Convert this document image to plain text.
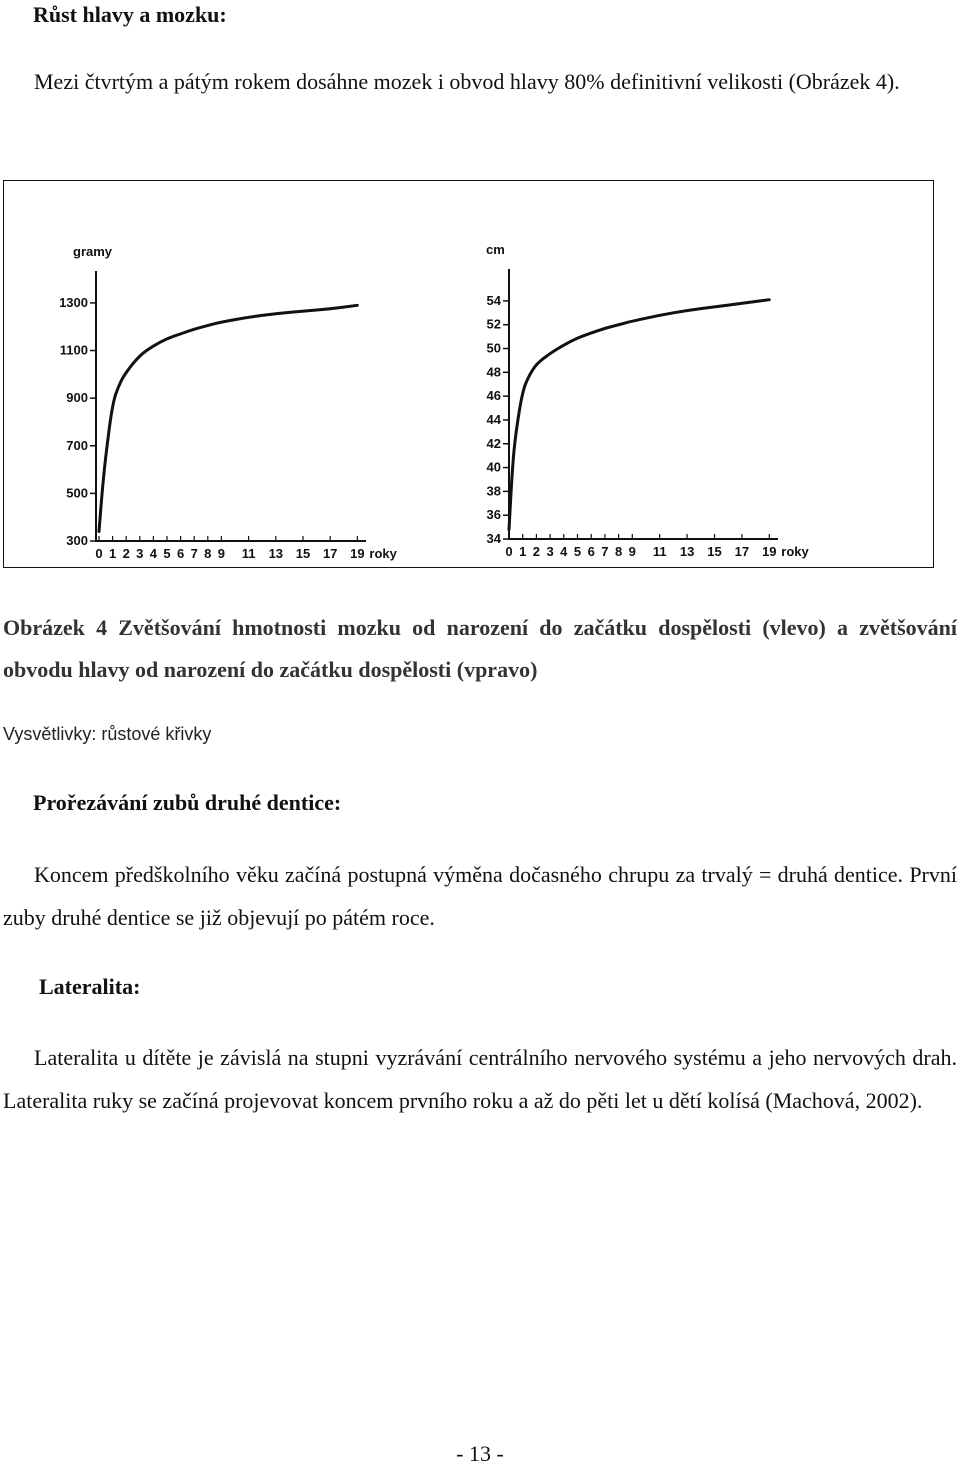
Růst hlavy a mozku:
Mezi čtvrtým a pátým rokem dosáhne mozek i obvod hlavy 80% definitivní velikosti (Obrázek 4).
gramy
300
500
700
900
1100
1300
0 1 2 3 4 5 6 7 8 9 11 13 15 17 19 roky
cm
34
36
38
40
42
44
46
48
50
52
54
0 1 2 3 4 5 6 7 8 9 11 13 15 17 19 roky
Obrázek 4 Zvětšování hmotnosti mozku od narození do začátku dospělosti (vlevo) a zvětšování obvodu hlavy od narození do začátku dospělosti (vpravo)
Vysvětlivky: růstové křivky
Prořezávání zubů druhé dentice:
Koncem předškolního věku začíná postupná výměna dočasného chrupu za trvalý = druhá dentice. První zuby druhé dentice se již objevují po pátém roce.
Lateralita:
Lateralita u dítěte je závislá na stupni vyzrávání centrálního nervového systému a jeho nervových drah. Lateralita ruky se začíná projevovat koncem prvního roku a až do pěti let u dětí kolísá (Machová, 2002).
- 13 -
